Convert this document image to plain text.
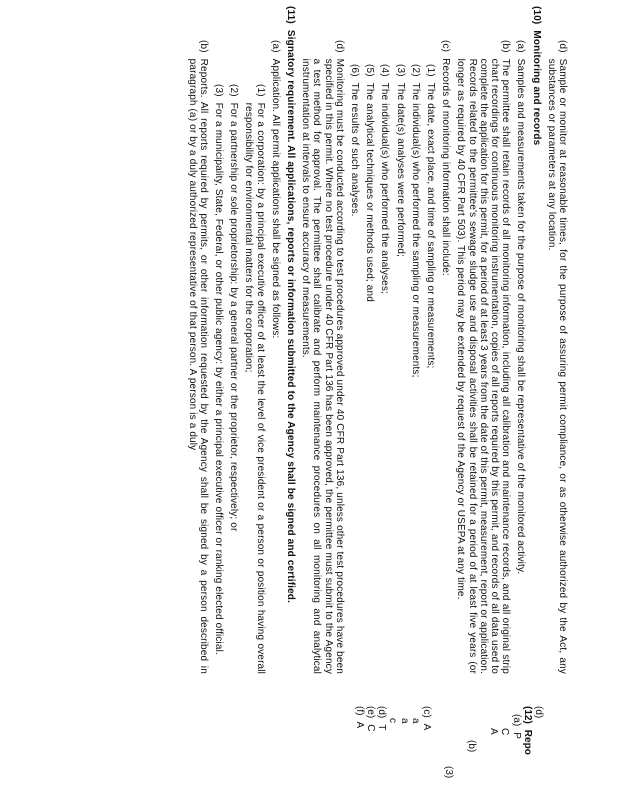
(d)
Sample or monitor at reasonable times, for the purpose of assuring permit compliance, or as otherwise authorized by the Act, any substances or parameters at any location.
(10)
Monitoring and records
(a)
Samples and measurements taken for the purpose of monitoring shall be representative of the monitored activity.
(b)
The permittee shall retain records of all monitoring information, including all calibration and maintenance records, and all original strip chart recordings for continuous monitoring instrumentation, copies of all reports required by this permit, and records of all data used to complete the application for this permit, for a period of at least 3 years from the date of this permit, measurement, report or application. Records related to the permittee's sewage sludge use and disposal activities shall be retained for a period of at least five years (or longer as required by 40 CFR Part 503). This period may be extended by request of the Agency or USEPA at any time.
(c)
Records of monitoring information shall include:
(1)
The date, exact place, and time of sampling or measurements;
(2)
The individual(s) who performed the sampling or measurements;
(3)
The date(s) analyses were performed;
(4)
The individual(s) who performed the analyses;
(5)
The analytical techniques or methods used; and
(6)
The results of such analyses.
(d)
Monitoring must be conducted according to test procedures approved under 40 CFR Part 136, unless other test procedures have been specified in this permit. Where no test procedure under 40 CFR Part 136 has been approved, the permittee must submit to the Agency a test method for approval. The permittee shall calibrate and perform maintenance procedures on all monitoring and analytical instrumentation at intervals to ensure accuracy of measurements.
(11)
Signatory requirement. All applications, reports or information submitted to the Agency shall be signed and certified.
(a)
Application. All permit applications shall be signed as follows:
(1)
For a corporation: by a principal executive officer of at least the level of vice president or a person or position having overall responsibility for environmental matters for the corporation;
(2)
For a partnership or sole proprietorship: by a general partner or the proprietor, respectively; or
(3)
For a municipality, State, Federal, or other public agency: by either a principal executive officer or ranking elected official.
(b)
Reports. All reports required by permits, or other information requested by the Agency shall be signed by a person described in paragraph (a) or by a duly authorized representative of that person. A person is a duly
(d)
(12)Repo
(a)P
C
A
(b)
(3)
(c)A
a
a
c
(d)T
(e)C
(f)A
